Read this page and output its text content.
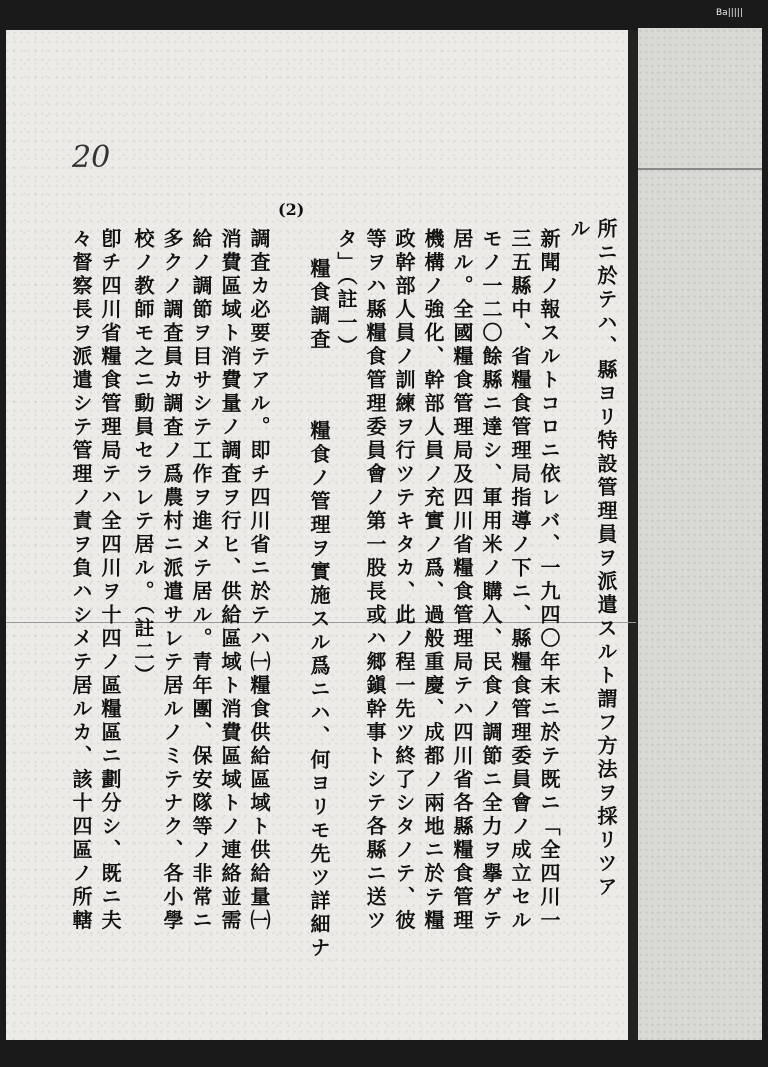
Ba|||||
20
(2)
所ニ於テハ、縣ヨリ特設管理員ヲ派遣スルト謂フ方法ヲ採リツア
ル
新聞ノ報スルトコロニ依レバ、一九四〇年末ニ於テ既ニ「全四川一
三五縣中、省糧食管理局指導ノ下ニ、縣糧食管理委員會ノ成立セル
モノ一二〇餘縣ニ達シ、軍用米ノ購入、民食ノ調節ニ全力ヲ擧ゲテ
居ル。全國糧食管理局及四川省糧食管理局テハ四川省各縣糧食管理
機構ノ強化、幹部人員ノ充實ノ爲、過般重慶、成都ノ兩地ニ於テ糧
政幹部人員ノ訓練ヲ行ツテキタカ、此ノ程一先ツ終了シタノテ、彼
等ヲハ縣糧食管理委員會ノ第一股長或ハ郷鎭幹事トシテ各縣ニ送ツ
タ」（註一）
糧食調査
糧食ノ管理ヲ實施スル爲ニハ、何ヨリモ先ツ詳細ナ
調査カ必要テアル。即チ四川省ニ於テハ㈠糧食供給區域ト供給量㈠
消費區域ト消費量ノ調査ヲ行ヒ、供給區域ト消費區域トノ連絡並需
給ノ調節ヲ目サシテ工作ヲ進メテ居ル。青年團、保安隊等ノ非常ニ
多クノ調査員カ調査ノ爲農村ニ派遣サレテ居ルノミテナク、各小學
校ノ教師モ之ニ動員セラレテ居ル。（註二）
卽チ四川省糧食管理局テハ全四川ヲ十四ノ區糧區ニ劃分シ、既ニ夫
々督察長ヲ派遣シテ管理ノ責ヲ負ハシメテ居ルカ、該十四區ノ所轄
